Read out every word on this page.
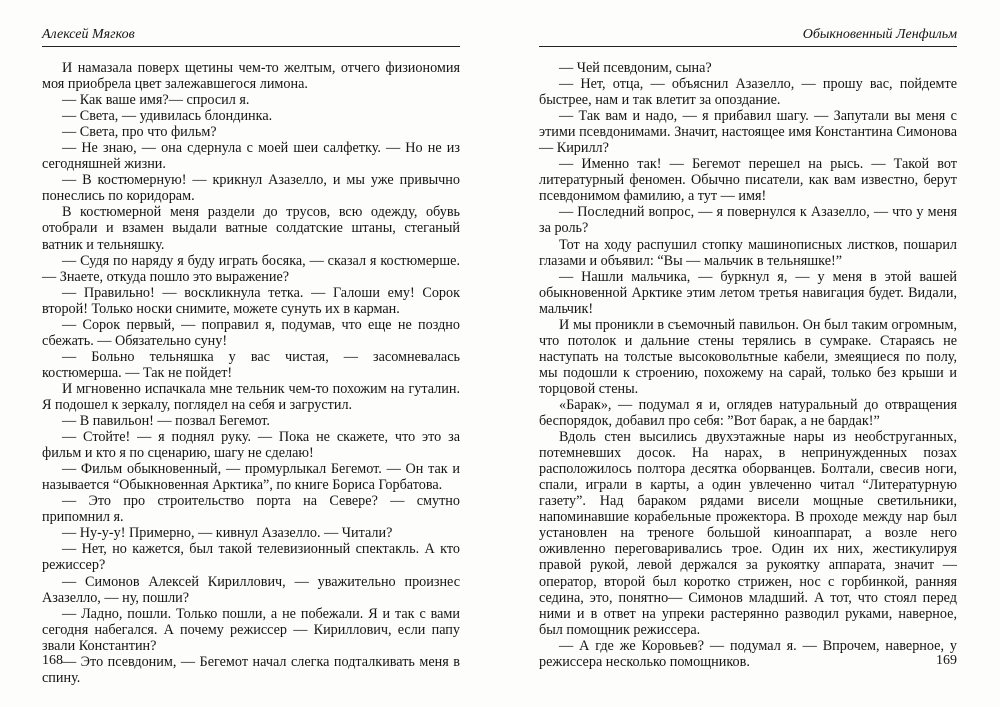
Алексей Мягков

И намазала поверх щетины чем-то желтым, отчего физиономия моя приобрела цвет залежавшегося лимона.

— Как ваше имя?— спросил я.

— Света, — удивилась блондинка.

— Света, про что фильм?

— Не знаю, — она сдернула с моей шеи салфетку. — Но не из сегодняшней жизни.

— В костюмерную! — крикнул Азазелло, и мы уже привычно понеслись по коридорам.

В костюмерной меня раздели до трусов, всю одежду, обувь отобрали и взамен выдали ватные солдатские штаны, стеганый ватник и тельняшку.

— Судя по наряду я буду играть босяка, — сказал я костюмерше. — Знаете, откуда пошло это выражение?

— Правильно! — воскликнула тетка. — Галоши ему! Сорок второй! Только носки снимите, можете сунуть их в карман.

— Сорок первый, — поправил я, подумав, что еще не поздно сбежать. — Обязательно суну!

— Больно тельняшка у вас чистая, — засомневалась костюмерша. — Так не пойдет!

И мгновенно испачкала мне тельник чем-то похожим на гуталин. Я подошел к зеркалу, поглядел на себя и загрустил.

— В павильон! — позвал Бегемот.

— Стойте! — я поднял руку. — Пока не скажете, что это за фильм и кто я по сценарию, шагу не сделаю!

— Фильм обыкновенный, — промурлыкал Бегемот. — Он так и называется “Обыкновенная Арктика”, по книге Бориса Горбатова.

— Это про строительство порта на Севере? — смутно припомнил я.

— Ну-у-у! Примерно, — кивнул Азазелло. — Читали?

— Нет, но кажется, был такой телевизионный спектакль. А кто режиссер?

— Симонов Алексей Кириллович, — уважительно произнес Азазелло, — ну, пошли?

— Ладно, пошли. Только пошли, а не побежали. Я и так с вами сегодня набегался. А почему режиссер — Кириллович, если папу звали Константин?

— Это псевдоним, — Бегемот начал слегка подталкивать меня в спину.

168
Обыкновенный Ленфильм

— Чей псевдоним, сына?

— Нет, отца, — объяснил Азазелло, — прошу вас, пойдемте быстрее, нам и так влетит за опоздание.

— Так вам и надо, — я прибавил шагу. — Запутали вы меня с этими псевдонимами. Значит, настоящее имя Константина Симонова — Кирилл?

— Именно так! — Бегемот перешел на рысь. — Такой вот литературный феномен. Обычно писатели, как вам известно, берут псевдонимом фамилию, а тут — имя!

— Последний вопрос, — я повернулся к Азазелло, — что у меня за роль?

Тот на ходу распушил стопку машинописных листков, пошарил глазами и объявил: “Вы — мальчик в тельняшке!”

— Нашли мальчика, — буркнул я, — у меня в этой вашей обыкновенной Арктике этим летом третья навигация будет. Видали, мальчик!

И мы проникли в съемочный павильон. Он был таким огромным, что потолок и дальние стены терялись в сумраке. Стараясь не наступать на толстые высоковольтные кабели, змеящиеся по полу, мы подошли к строению, похожему на сарай, только без крыши и торцовой стены.

«Барак», — подумал я и, оглядев натуральный до отвращения беспорядок, добавил про себя: ”Вот барак, а не бардак!”

Вдоль стен высились двухэтажные нары из необструганных, потемневших досок. На нарах, в непринужденных позах расположилось полтора десятка оборванцев. Болтали, свесив ноги, спали, играли в карты, а один увлеченно читал “Литературную газету”. Над бараком рядами висели мощные светильники, напоминавшие корабельные прожектора. В проходе между нар был установлен на треноге большой киноаппарат, а возле него оживленно переговаривались трое. Один их них, жестикулируя правой рукой, левой держался за рукоятку аппарата, значит — оператор, второй был коротко стрижен, нос с горбинкой, ранняя седина, это, понятно— Симонов младший. А тот, что стоял перед ними и в ответ на упреки растерянно разводил руками, наверное, был помощник режиссера.

— А где же Коровьев? — подумал я. — Впрочем, наверное, у режиссера несколько помощников.	169
